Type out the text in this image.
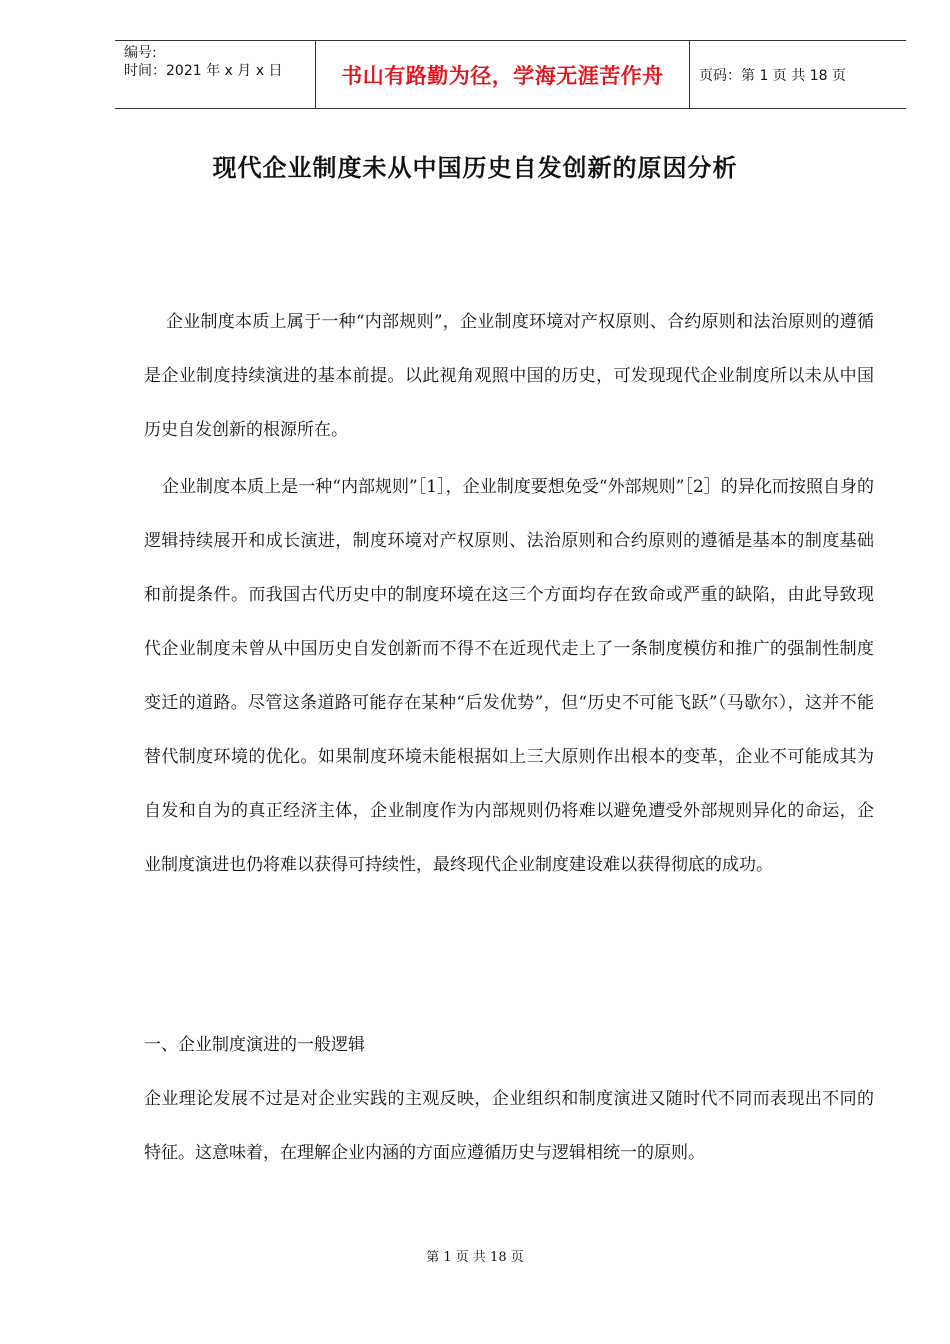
编号:
时间：2021 年 x 月 x 日	书山有路勤为径，学海无涯苦作舟	页码：第 1 页 共 18 页
现代企业制度未从中国历史自发创新的原因分析

企业制度本质上属于一种“内部规则”，企业制度环境对产权原则、合约原则和法治原则的遵循是企业制度持续演进的基本前提。以此视角观照中国的历史，可发现现代企业制度所以未从中国历史自发创新的根源所在。

企业制度本质上是一种“内部规则”［1］，企业制度要想免受“外部规则”［2］的异化而按照自身的逻辑持续展开和成长演进，制度环境对产权原则、法治原则和合约原则的遵循是基本的制度基础和前提条件。而我国古代历史中的制度环境在这三个方面均存在致命或严重的缺陷，由此导致现代企业制度未曾从中国历史自发创新而不得不在近现代走上了一条制度模仿和推广的强制性制度变迁的道路。尽管这条道路可能存在某种“后发优势”，但“历史不可能飞跃”（马歇尔），这并不能替代制度环境的优化。如果制度环境未能根据如上三大原则作出根本的变革，企业不可能成其为自发和自为的真正经济主体，企业制度作为内部规则仍将难以避免遭受外部规则异化的命运，企业制度演进也仍将难以获得可持续性，最终现代企业制度建设难以获得彻底的成功。

一、企业制度演进的一般逻辑

企业理论发展不过是对企业实践的主观反映，企业组织和制度演进又随时代不同而表现出不同的特征。这意味着，在理解企业内涵的方面应遵循历史与逻辑相统一的原则。

第 1 页 共 18 页
